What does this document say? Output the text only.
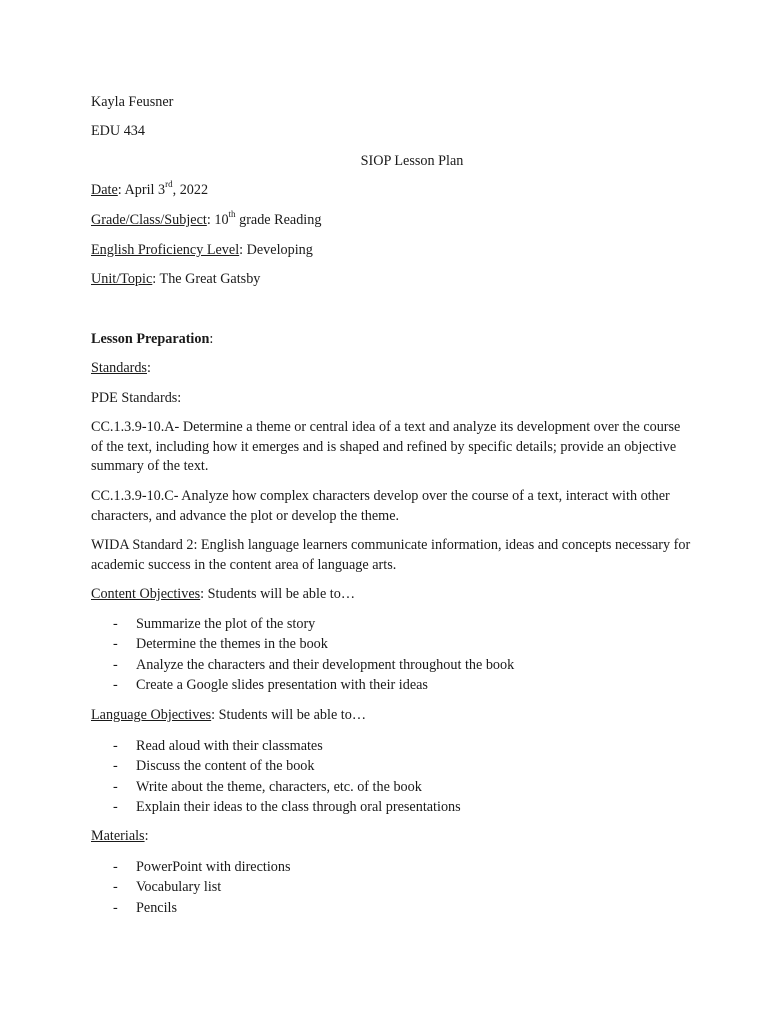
Kayla Feusner
EDU 434
SIOP Lesson Plan
Date: April 3rd, 2022
Grade/Class/Subject: 10th grade Reading
English Proficiency Level: Developing
Unit/Topic: The Great Gatsby
Lesson Preparation:
Standards:
PDE Standards:
CC.1.3.9-10.A- Determine a theme or central idea of a text and analyze its development over the course of the text, including how it emerges and is shaped and refined by specific details; provide an objective summary of the text.
CC.1.3.9-10.C- Analyze how complex characters develop over the course of a text, interact with other characters, and advance the plot or develop the theme.
WIDA Standard 2: English language learners communicate information, ideas and concepts necessary for academic success in the content area of language arts.
Content Objectives: Students will be able to…
- Summarize the plot of the story
- Determine the themes in the book
- Analyze the characters and their development throughout the book
- Create a Google slides presentation with their ideas
Language Objectives: Students will be able to…
- Read aloud with their classmates
- Discuss the content of the book
- Write about the theme, characters, etc. of the book
- Explain their ideas to the class through oral presentations
Materials:
- PowerPoint with directions
- Vocabulary list
- Pencils
